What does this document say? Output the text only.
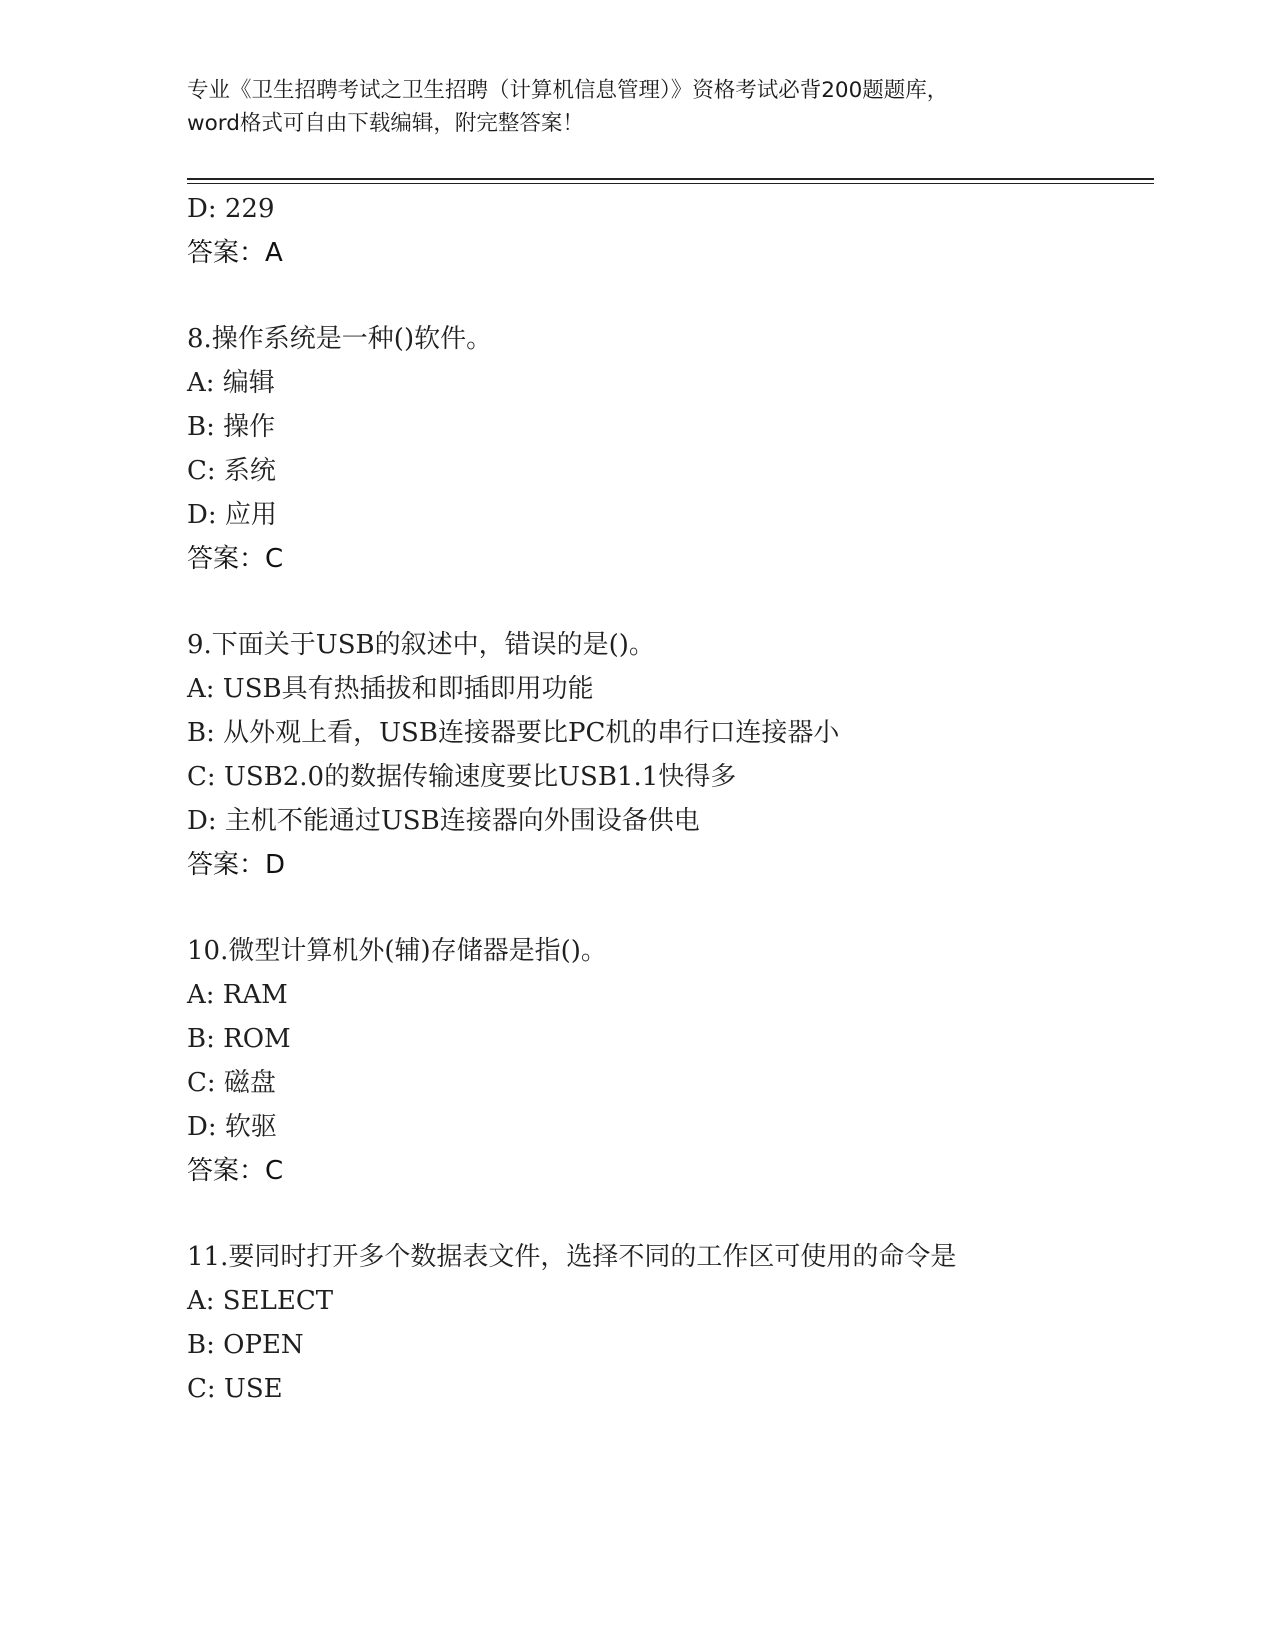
专业《卫生招聘考试之卫生招聘（计算机信息管理）》资格考试必背200题题库，
word格式可自由下载编辑，附完整答案！
D: 229
答案：A
8.操作系统是一种()软件。
A: 编辑
B: 操作
C: 系统
D: 应用
答案：C
9.下面关于USB的叙述中，错误的是()。
A: USB具有热插拔和即插即用功能
B: 从外观上看，USB连接器要比PC机的串行口连接器小
C: USB2.0的数据传输速度要比USB1.1快得多
D: 主机不能通过USB连接器向外围设备供电
答案：D
10.微型计算机外(辅)存储器是指()。
A: RAM
B: ROM
C: 磁盘
D: 软驱
答案：C
11.要同时打开多个数据表文件，选择不同的工作区可使用的命令是
A: SELECT
B: OPEN
C: USE
